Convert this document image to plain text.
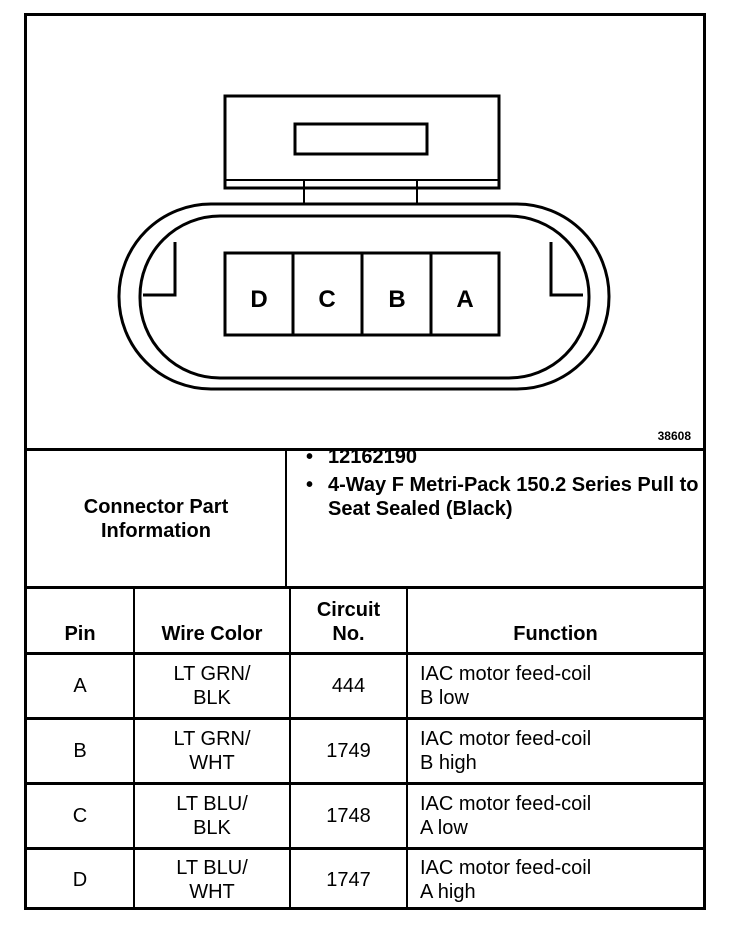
D C B A
38608
Connector Part
Information
Pin	Wire Color
Circuit
No.	Function
A
LT GRN/
BLK
444
IAC motor feed-coil
B low
B
LT GRN/
WHT
1749
IAC motor feed-coil
B high
C
LT BLU/
BLK
1748
IAC motor feed-coil
A low
D
LT BLU/
WHT
1747
IAC motor feed-coil
A high
• 12162190
• 4-Way F Metri-Pack 150.2 Series Pull to Seat Sealed (Black)
